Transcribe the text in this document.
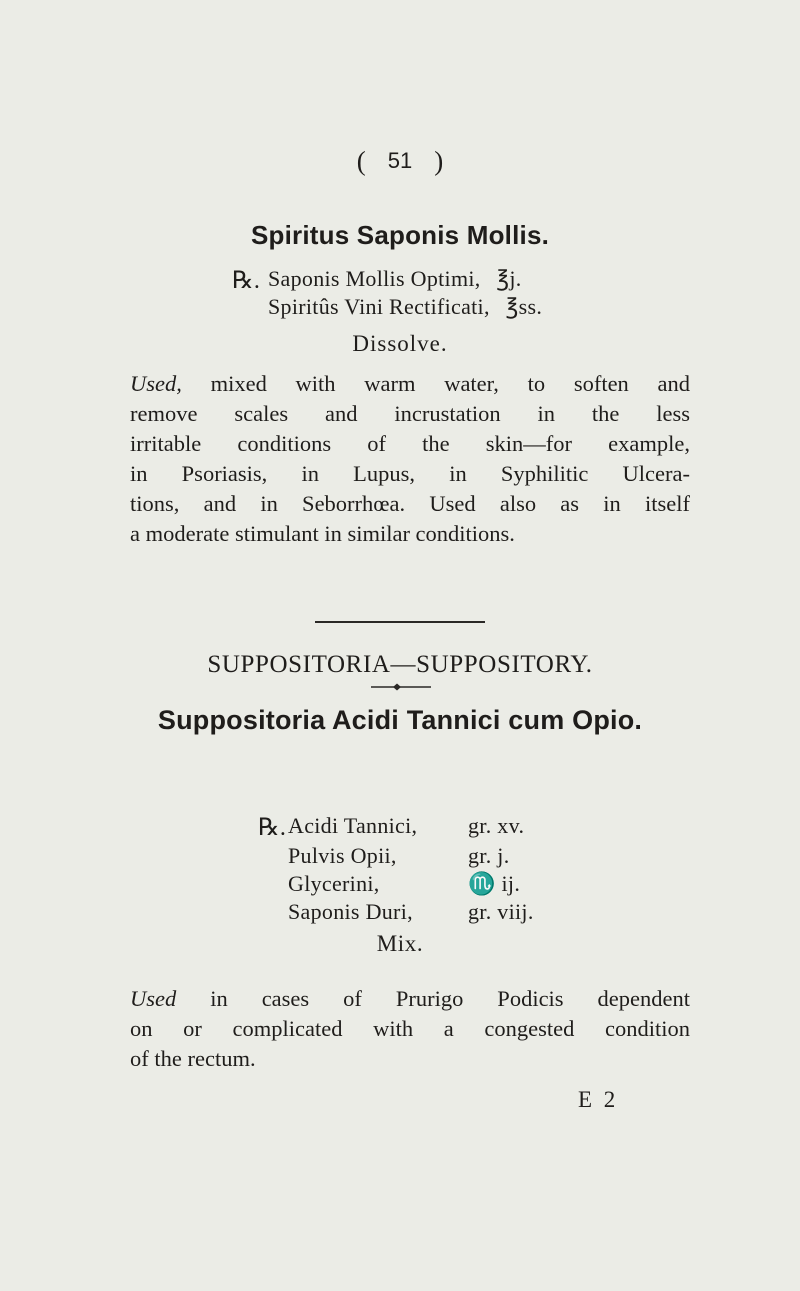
( 51 )
Spiritus Saponis Mollis.
℞. Saponis Mollis Optimi, ℥j.
Spiritûs Vini Rectificati, ℥ss.
Dissolve.
Used, mixed with warm water, to soften and
remove scales and incrustation in the less
irritable conditions of the skin—for example,
in Psoriasis, in Lupus, in Syphilitic Ulcera-
tions, and in Seborrhœa. Used also as in itself
a moderate stimulant in similar conditions.
SUPPOSITORIA—SUPPOSITORY.
Suppositoria Acidi Tannici cum Opio.
℞. Acidi Tannici, gr. xv.
Pulvis Opii,	gr. j.
Glycerini,	♏ ij.
Saponis Duri,	gr. viij.
Mix.
Used in cases of Prurigo Podicis dependent
on or complicated with a congested condition
of the rectum.
E 2
